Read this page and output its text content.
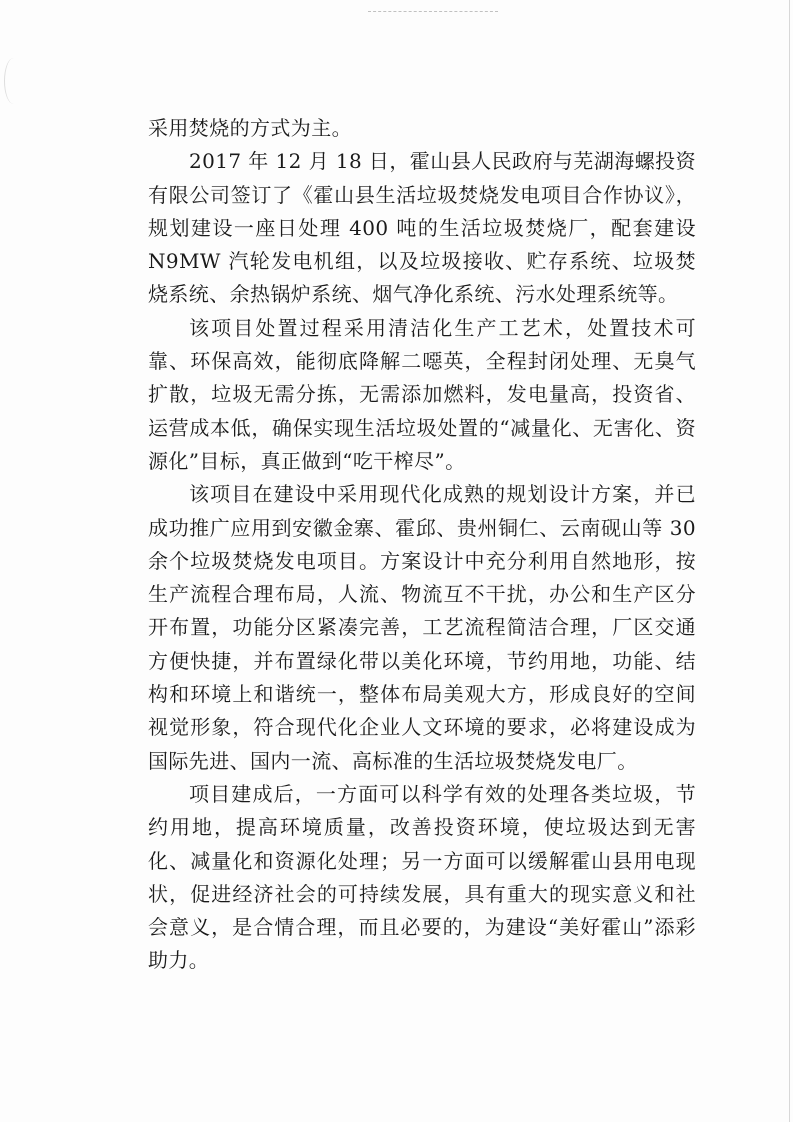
采用焚烧的方式为主。

2017 年 12 月 18 日，霍山县人民政府与芜湖海螺投资有限公司签订了《霍山县生活垃圾焚烧发电项目合作协议》，规划建设一座日处理 400 吨的生活垃圾焚烧厂，配套建设 N9MW 汽轮发电机组，以及垃圾接收、贮存系统、垃圾焚烧系统、余热锅炉系统、烟气净化系统、污水处理系统等。

该项目处置过程采用清洁化生产工艺术，处置技术可靠、环保高效，能彻底降解二噁英，全程封闭处理、无臭气扩散，垃圾无需分拣，无需添加燃料，发电量高，投资省、运营成本低，确保实现生活垃圾处置的“减量化、无害化、资源化”目标，真正做到“吃干榨尽”。

该项目在建设中采用现代化成熟的规划设计方案，并已成功推广应用到安徽金寨、霍邱、贵州铜仁、云南砚山等 30 余个垃圾焚烧发电项目。方案设计中充分利用自然地形，按生产流程合理布局，人流、物流互不干扰，办公和生产区分开布置，功能分区紧凑完善，工艺流程简洁合理，厂区交通方便快捷，并布置绿化带以美化环境，节约用地，功能、结构和环境上和谐统一，整体布局美观大方，形成良好的空间视觉形象，符合现代化企业人文环境的要求，必将建设成为国际先进、国内一流、高标准的生活垃圾焚烧发电厂。

项目建成后，一方面可以科学有效的处理各类垃圾，节约用地，提高环境质量，改善投资环境，使垃圾达到无害化、减量化和资源化处理；另一方面可以缓解霍山县用电现状，促进经济社会的可持续发展，具有重大的现实意义和社会意义，是合情合理，而且必要的，为建设“美好霍山”添彩助力。
